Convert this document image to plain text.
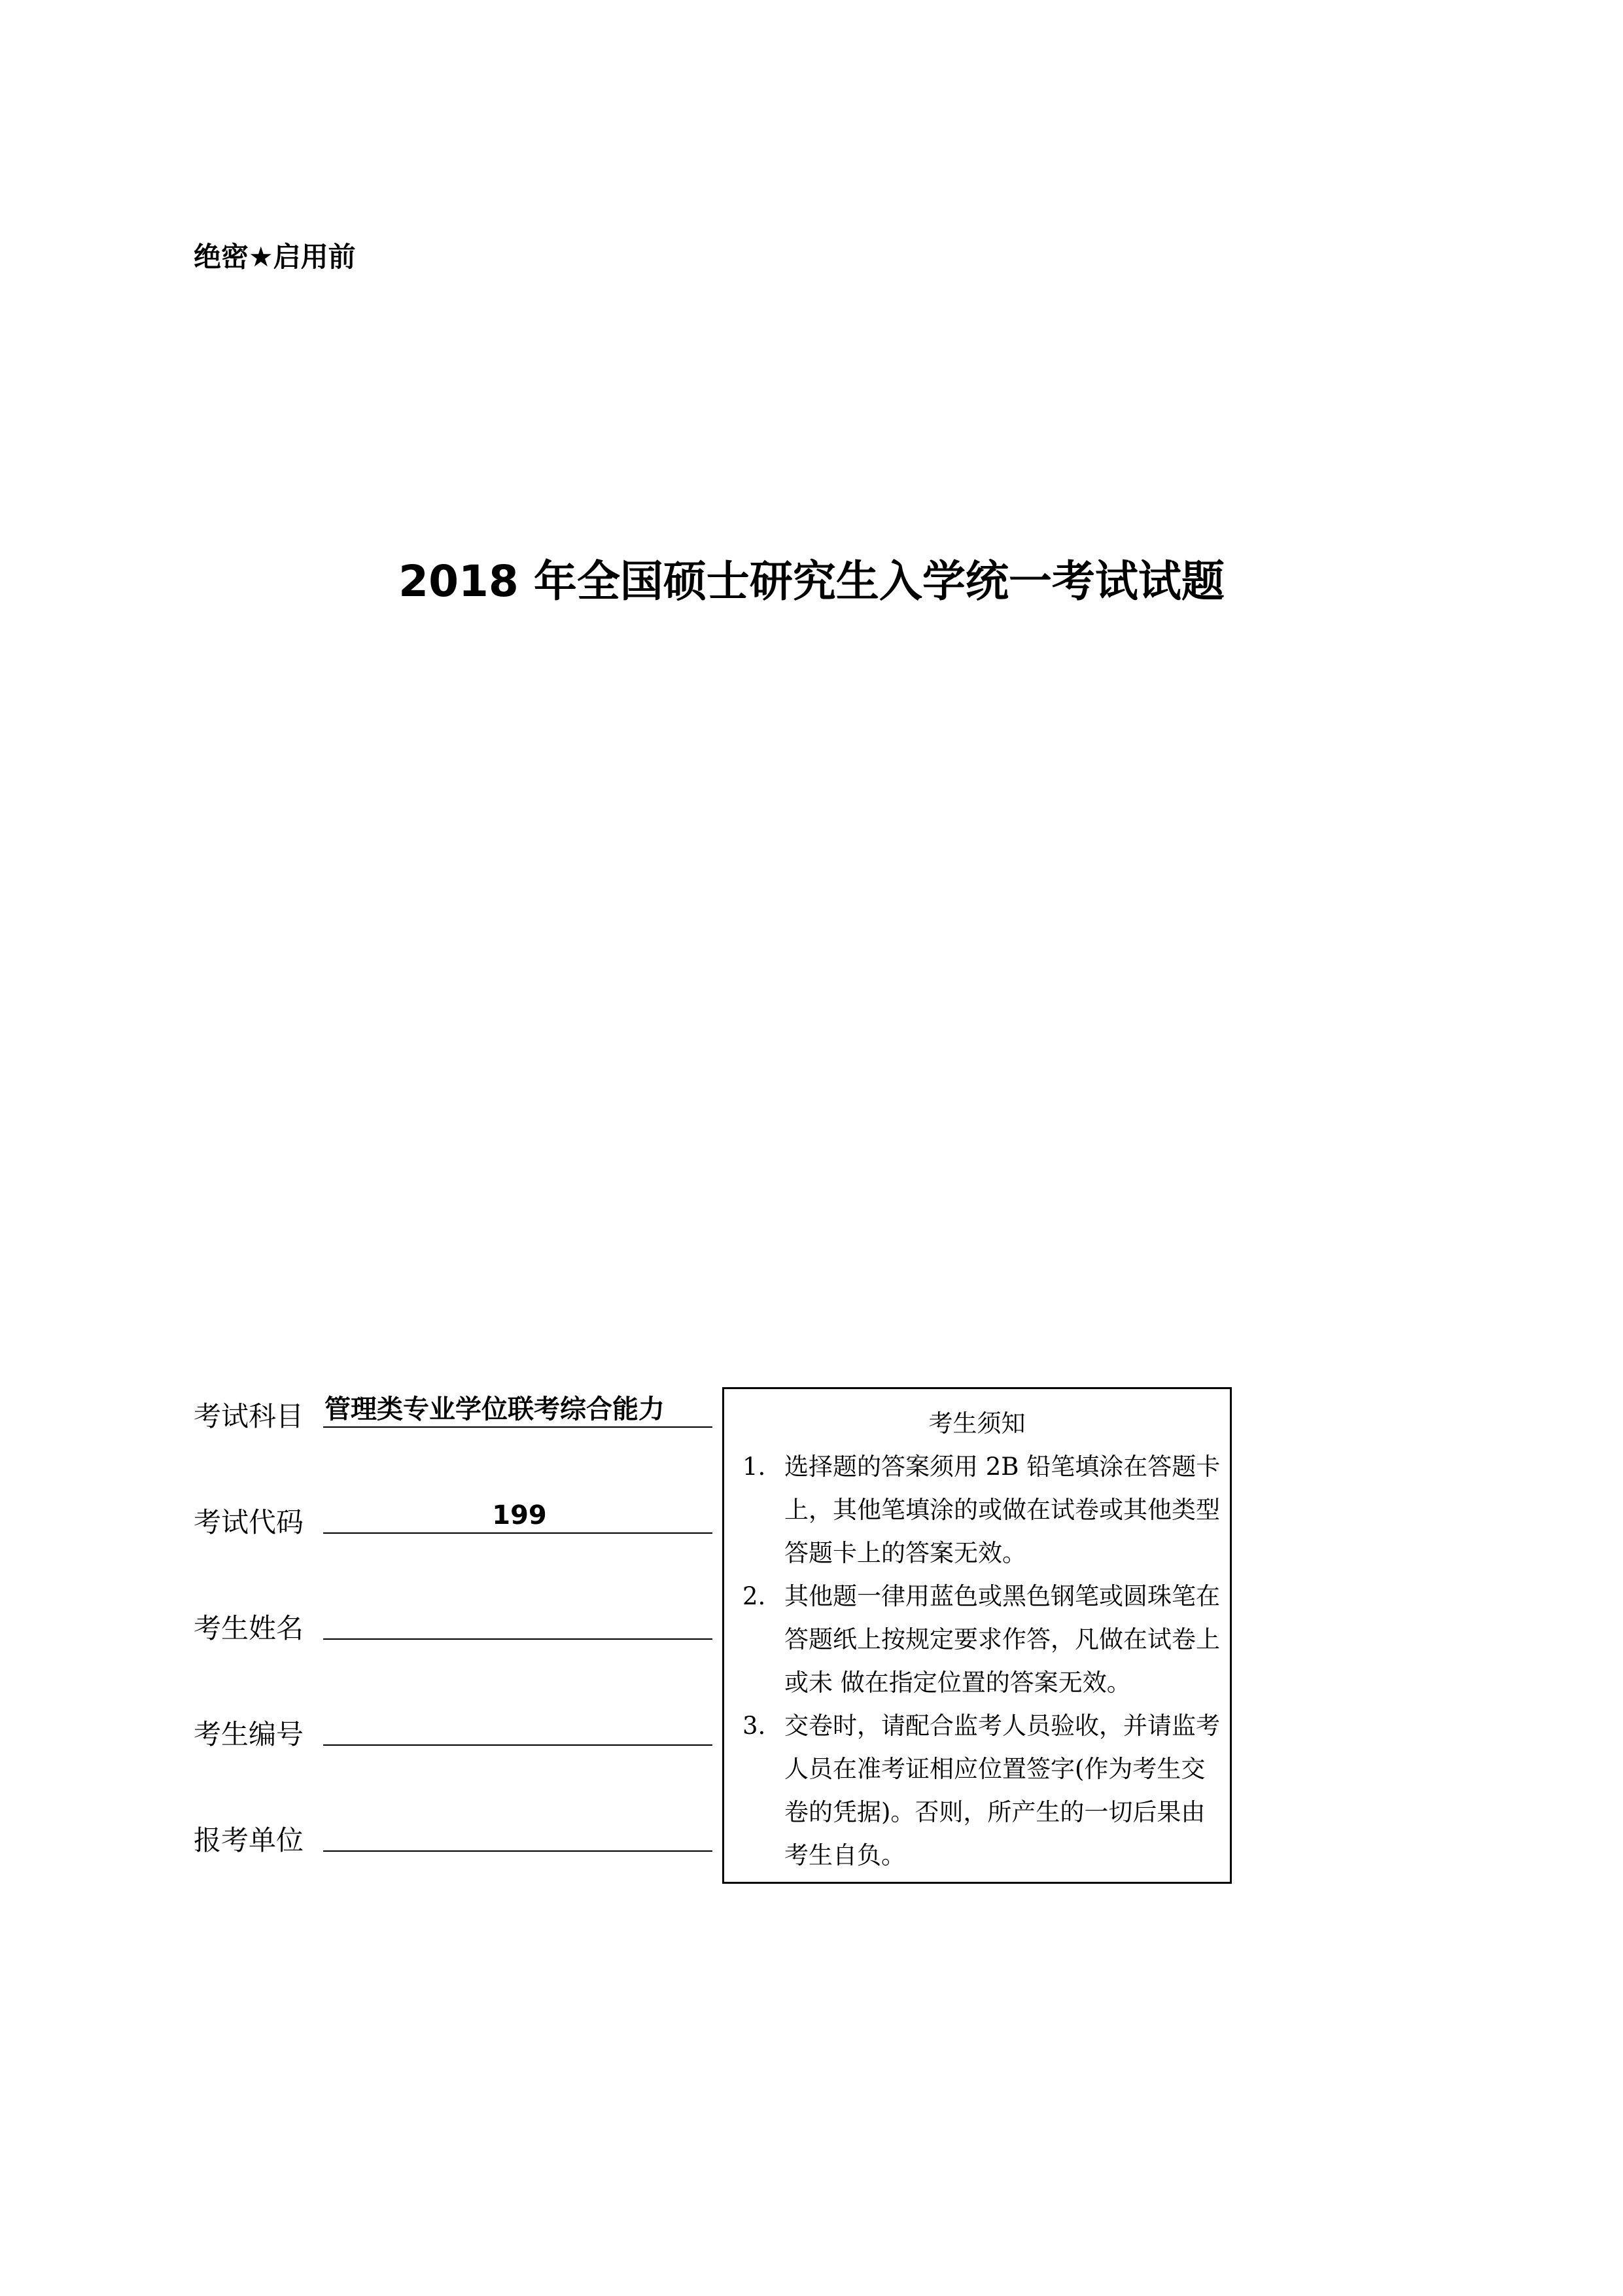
绝密★启用前
2018 年全国硕士研究生入学统一考试试题
考试科目 管理类专业学位联考综合能力
考试代码	199
考生姓名
考生编号
报考单位
考生须知
1. 选择题的答案须用 2B 铅笔填涂在答题卡
上，其他笔填涂的或做在试卷或其他类型
答题卡上的答案无效。
2. 其他题一律用蓝色或黑色钢笔或圆珠笔在
答题纸上按规定要求作答，凡做在试卷上
或未 做在指定位置的答案无效。
3. 交卷时，请配合监考人员验收，并请监考
人员在准考证相应位置签字(作为考生交
卷的凭据)。否则，所产生的一切后果由
考生自负。
